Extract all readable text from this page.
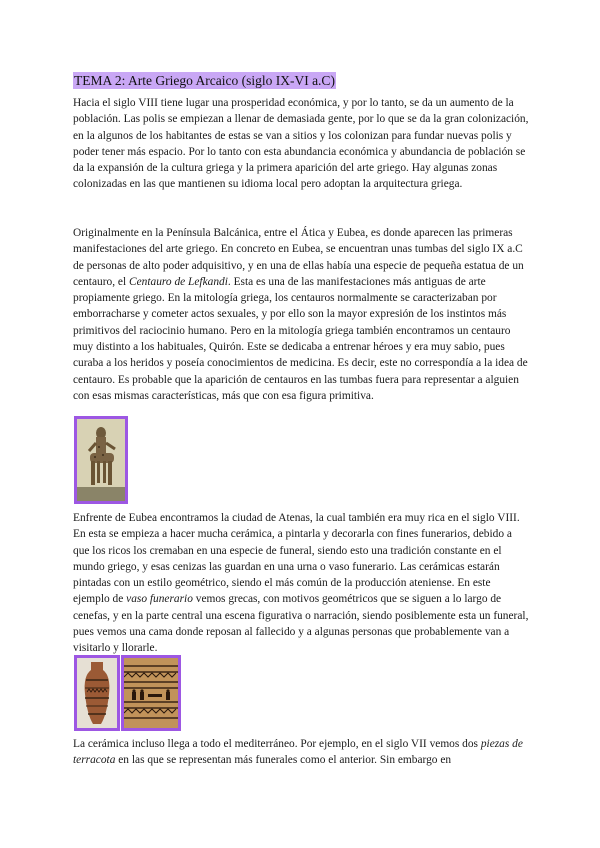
TEMA 2: Arte Griego Arcaico (siglo IX-VI a.C)

Hacia el siglo VIII tiene lugar una prosperidad económica, y por lo tanto, se da un aumento de la población. Las polis se empiezan a llenar de demasiada gente, por lo que se da la gran colonización, en la algunos de los habitantes de estas se van a sitios y los colonizan para fundar nuevas polis y poder tener más espacio. Por lo tanto con esta abundancia económica y abundancia de población se da la expansión de la cultura griega y la primera aparición del arte griego. Hay algunas zonas colonizadas en las que mantienen su idioma local pero adoptan la arquitectura griega.

Originalmente en la Península Balcánica, entre el Ática y Eubea, es donde aparecen las primeras manifestaciones del arte griego. En concreto en Eubea, se encuentran unas tumbas del siglo IX a.C de personas de alto poder adquisitivo, y en una de ellas había una especie de pequeña estatua de un centauro, el Centauro de Lefkandi. Esta es una de las manifestaciones más antiguas de arte propiamente griego. En la mitología griega, los centauros normalmente se caracterizaban por emborracharse y cometer actos sexuales, y por ello son la mayor expresión de los instintos más primitivos del raciocinio humano. Pero en la mitología griega también encontramos un centauro muy distinto a los habituales, Quirón. Este se dedicaba a entrenar héroes y era muy sabio, pues curaba a los heridos y poseía conocimientos de medicina. Es decir, este no correspondía a la idea de centauro. Es probable que la aparición de centauros en las tumbas fuera para representar a alguien con esas mismas características, más que con esa figura primitiva.

Enfrente de Eubea encontramos la ciudad de Atenas, la cual también era muy rica en el siglo VIII. En esta se empieza a hacer mucha cerámica, a pintarla y decorarla con fines funerarios, debido a que los ricos los cremaban en una especie de funeral, siendo esto una tradición constante en el mundo griego, y esas cenizas las guardan en una urna o vaso funerario. Las cerámicas estarán pintadas con un estilo geométrico, siendo el más común de la producción ateniense. En este ejemplo de vaso funerario vemos grecas, con motivos geométricos que se siguen a lo largo de cenefas, y en la parte central una escena figurativa o narración, siendo posiblemente esta un funeral, pues vemos una cama donde reposan al fallecido y a algunas personas que probablemente van a visitarlo y llorarle.

La cerámica incluso llega a todo el mediterráneo. Por ejemplo, en el siglo VII vemos dos piezas de terracota en las que se representan más funerales como el anterior. Sin embargo en
